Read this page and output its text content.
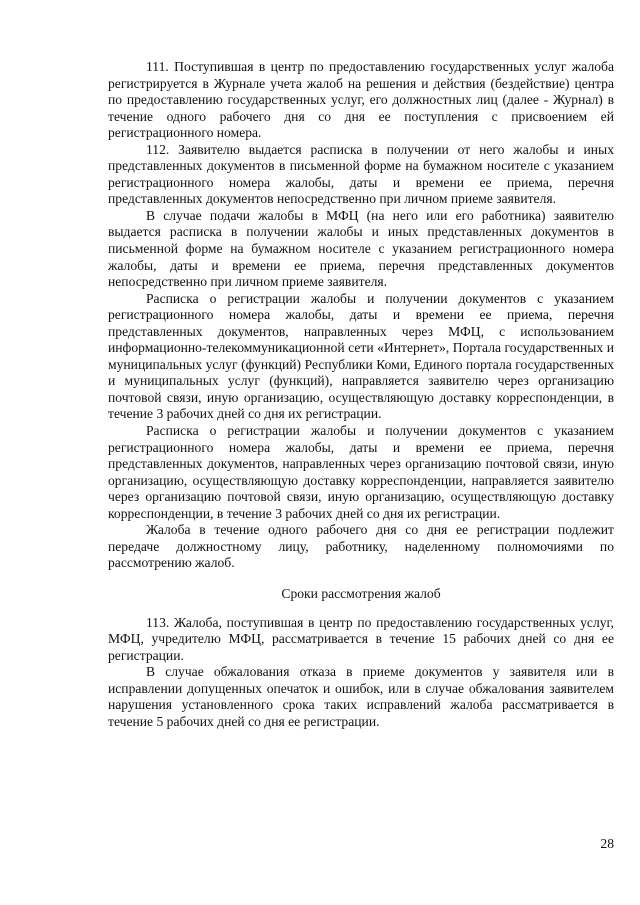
111. Поступившая в центр по предоставлению государственных услуг жалоба регистрируется в Журнале учета жалоб на решения и действия (бездействие) центра по предоставлению государственных услуг, его должностных лиц (далее - Журнал) в течение одного рабочего дня со дня ее поступления с присвоением ей регистрационного номера.

112. Заявителю выдается расписка в получении от него жалобы и иных представленных документов в письменной форме на бумажном носителе с указанием регистрационного номера жалобы, даты и времени ее приема, перечня представленных документов непосредственно при личном приеме заявителя.

В случае подачи жалобы в МФЦ (на него или его работника) заявителю выдается расписка в получении жалобы и иных представленных документов в письменной форме на бумажном носителе с указанием регистрационного номера жалобы, даты и времени ее приема, перечня представленных документов непосредственно при личном приеме заявителя.

Расписка о регистрации жалобы и получении документов с указанием регистрационного номера жалобы, даты и времени ее приема, перечня представленных документов, направленных через МФЦ, с использованием информационно-телекоммуникационной сети «Интернет», Портала государственных и муниципальных услуг (функций) Республики Коми, Единого портала государственных и муниципальных услуг (функций), направляется заявителю через организацию почтовой связи, иную организацию, осуществляющую доставку корреспонденции, в течение 3 рабочих дней со дня их регистрации.

Расписка о регистрации жалобы и получении документов с указанием регистрационного номера жалобы, даты и времени ее приема, перечня представленных документов, направленных через организацию почтовой связи, иную организацию, осуществляющую доставку корреспонденции, направляется заявителю через организацию почтовой связи, иную организацию, осуществляющую доставку корреспонденции, в течение 3 рабочих дней со дня их регистрации.

Жалоба в течение одного рабочего дня со дня ее регистрации подлежит передаче должностному лицу, работнику, наделенному полномочиями по рассмотрению жалоб.

Сроки рассмотрения жалоб

113. Жалоба, поступившая в центр по предоставлению государственных услуг, МФЦ, учредителю МФЦ, рассматривается в течение 15 рабочих дней со дня ее регистрации.

В случае обжалования отказа в приеме документов у заявителя или в исправлении допущенных опечаток и ошибок, или в случае обжалования заявителем нарушения установленного срока таких исправлений жалоба рассматривается в течение 5 рабочих дней со дня ее регистрации.

28
